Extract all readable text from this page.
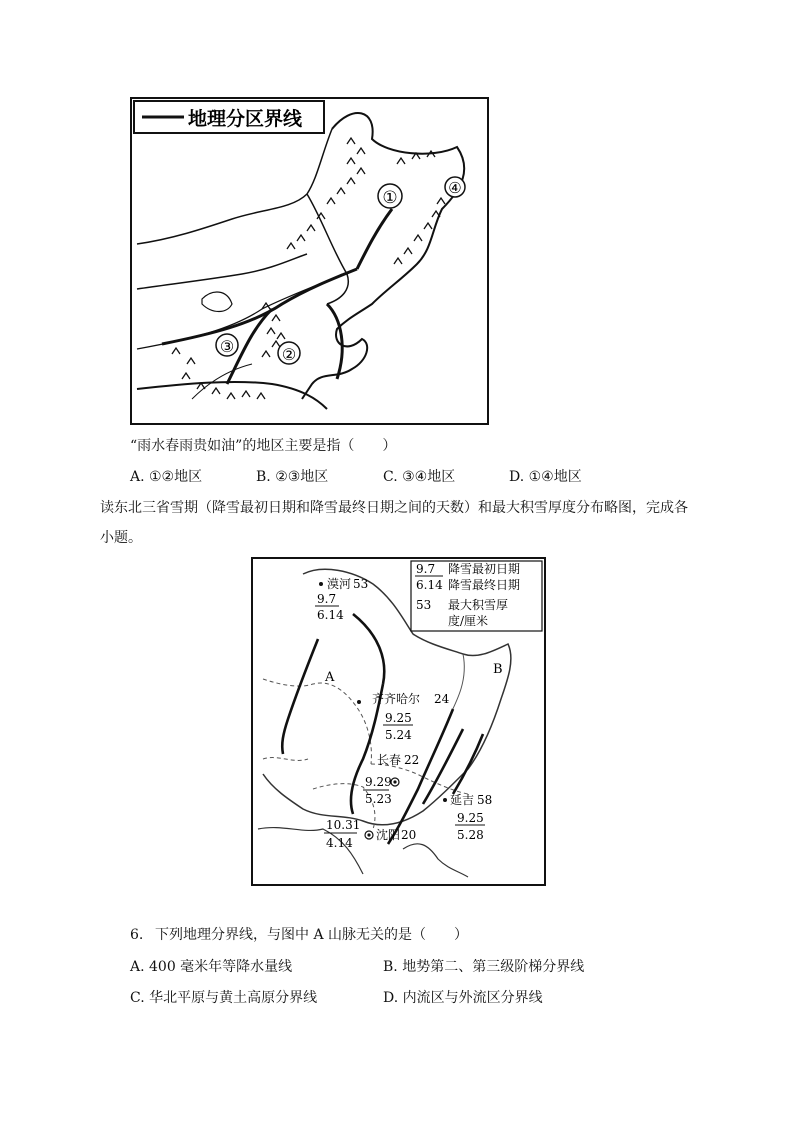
地理分区界线
①
②
③
④
“雨水春雨贵如油”的地区主要是指（　　）
A. ①②地区	B. ②③地区	C. ③④地区	D. ①④地区
读东北三省雪期（降雪最初日期和降雪最终日期之间的天数）和最大积雪厚度分布略图，完成各
小题。
9.7
6.14
53
降雪最初日期
降雪最终日期
最大积雪厚
度/厘米
A
B
漠河 53
9.7
6.14
齐齐哈尔 24
9.25
5.24
长春 22
9.29
5.23	延吉 58
9.25
5.28
沈阳 20
10.31
4.14
6. 下列地理分界线，与图中 A 山脉无关的是（　　）
A. 400 毫米年等降水量线	B. 地势第二、第三级阶梯分界线
C. 华北平原与黄土高原分界线	D. 内流区与外流区分界线
